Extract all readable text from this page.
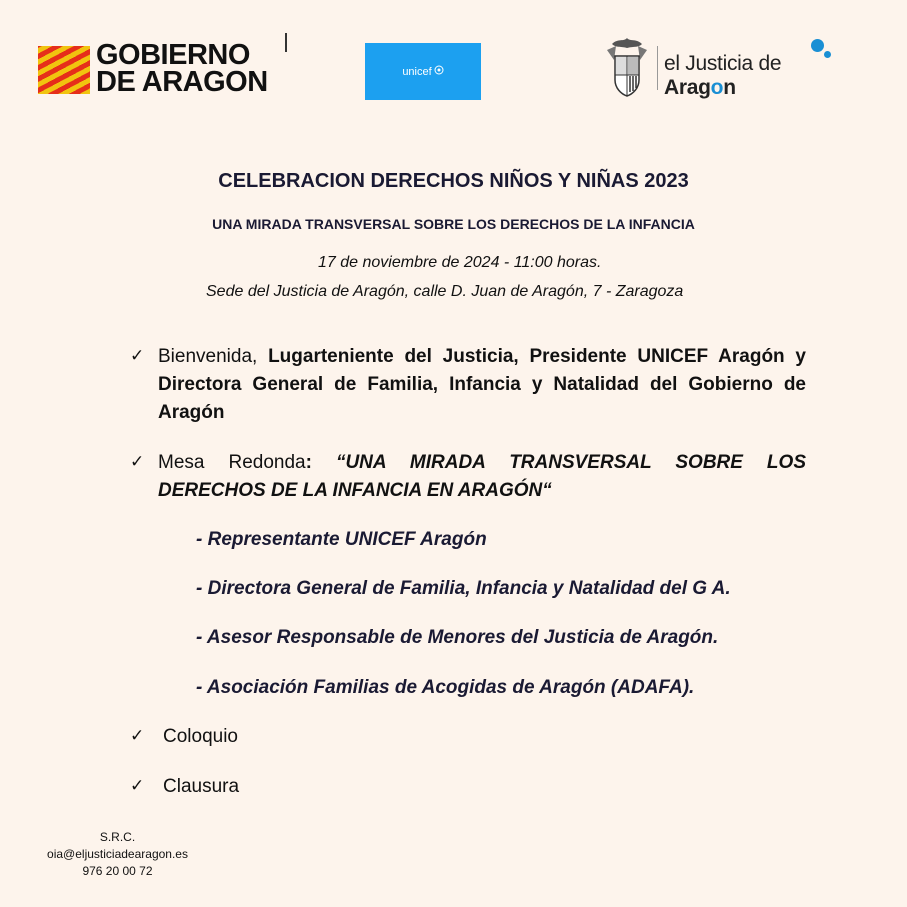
GOBIERNO
DE ARAGON	unicef	el Justicia de Aragon
CELEBRACION DERECHOS NIÑOS Y NIÑAS 2023
UNA MIRADA TRANSVERSAL SOBRE LOS DERECHOS DE LA INFANCIA
17 de noviembre de 2024 - 11:00 horas.
Sede del Justicia de Aragón, calle D. Juan de Aragón, 7 - Zaragoza
✓ Bienvenida, Lugarteniente del Justicia, Presidente UNICEF Aragón y Directora General de Familia, Infancia y Natalidad del Gobierno de Aragón
✓ Mesa Redonda: “UNA MIRADA TRANSVERSAL SOBRE LOS DERECHOS DE LA INFANCIA EN ARAGÓN“
- Representante UNICEF Aragón
- Directora General de Familia, Infancia y Natalidad del G A.
- Asesor Responsable de Menores del Justicia de Aragón.
- Asociación Familias de Acogidas de Aragón (ADAFA).
✓ Coloquio
✓ Clausura
S.R.C.
oia@eljusticiadearagon.es
976 20 00 72
